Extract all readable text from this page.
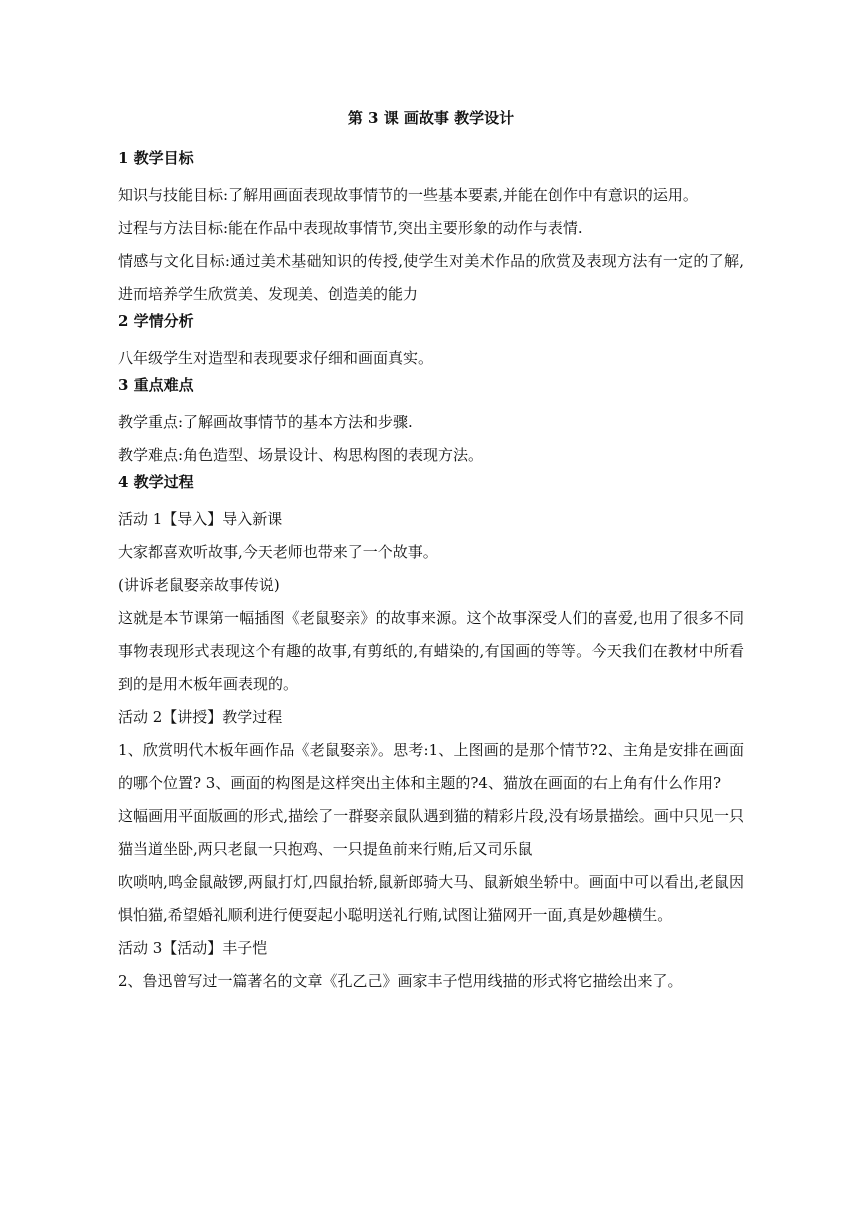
第 3 课 画故事 教学设计
1 教学目标
知识与技能目标:了解用画面表现故事情节的一些基本要素,并能在创作中有意识的运用。
过程与方法目标:能在作品中表现故事情节,突出主要形象的动作与表情.
情感与文化目标:通过美术基础知识的传授,使学生对美术作品的欣赏及表现方法有一定的了解,进而培养学生欣赏美、发现美、创造美的能力
2 学情分析
八年级学生对造型和表现要求仔细和画面真实。
3 重点难点
教学重点:了解画故事情节的基本方法和步骤.
教学难点:角色造型、场景设计、构思构图的表现方法。
4 教学过程
活动 1【导入】导入新课
大家都喜欢听故事,今天老师也带来了一个故事。
(讲诉老鼠娶亲故事传说)
这就是本节课第一幅插图《老鼠娶亲》的故事来源。这个故事深受人们的喜爱,也用了很多不同事物表现形式表现这个有趣的故事,有剪纸的,有蜡染的,有国画的等等。今天我们在教材中所看到的是用木板年画表现的。
活动 2【讲授】教学过程
1、欣赏明代木板年画作品《老鼠娶亲》。思考:1、上图画的是那个情节?2、主角是安排在画面的哪个位置? 3、画面的构图是这样突出主体和主题的?4、猫放在画面的右上角有什么作用?
这幅画用平面版画的形式,描绘了一群娶亲鼠队遇到猫的精彩片段,没有场景描绘。画中只见一只猫当道坐卧,两只老鼠一只抱鸡、一只提鱼前来行贿,后又司乐鼠
吹唢呐,鸣金鼠敲锣,两鼠打灯,四鼠抬轿,鼠新郎骑大马、鼠新娘坐轿中。画面中可以看出,老鼠因惧怕猫,希望婚礼顺利进行便耍起小聪明送礼行贿,试图让猫网开一面,真是妙趣横生。
活动 3【活动】丰子恺
2、鲁迅曾写过一篇著名的文章《孔乙己》画家丰子恺用线描的形式将它描绘出来了。
